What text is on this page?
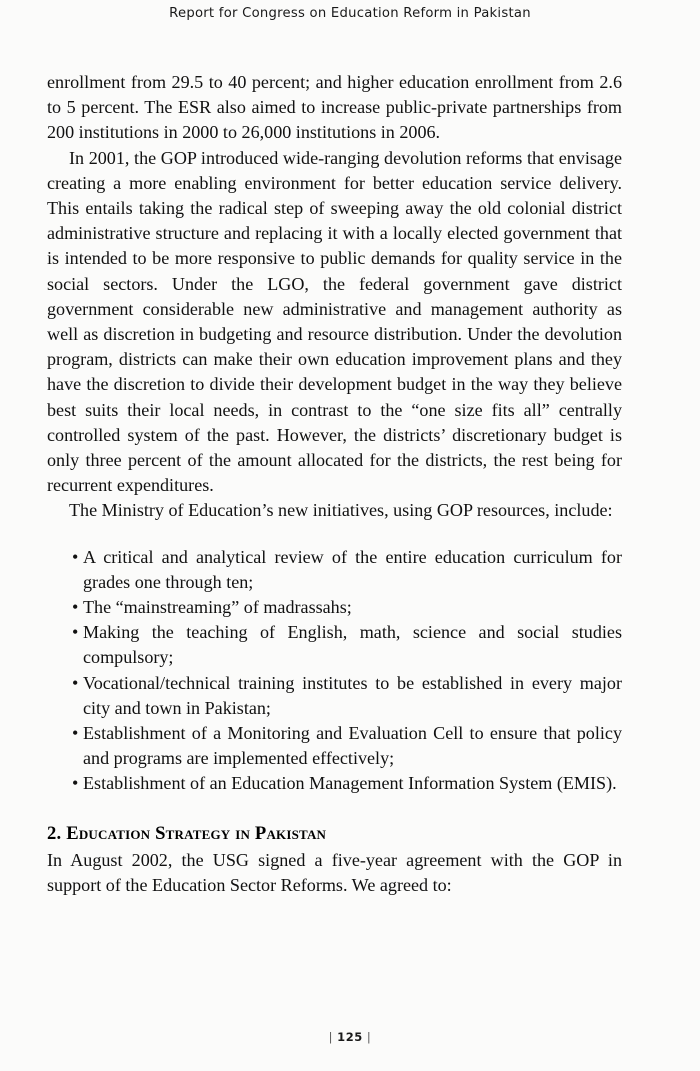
Report for Congress on Education Reform in Pakistan

enrollment from 29.5 to 40 percent; and higher education enrollment from 2.6 to 5 percent. The ESR also aimed to increase public-private partnerships from 200 institutions in 2000 to 26,000 institutions in 2006.

In 2001, the GOP introduced wide-ranging devolution reforms that envisage creating a more enabling environment for better education service delivery. This entails taking the radical step of sweeping away the old colonial district administrative structure and replacing it with a locally elected government that is intended to be more responsive to public demands for quality service in the social sectors. Under the LGO, the federal government gave district government considerable new administrative and management authority as well as discretion in budgeting and resource distribution. Under the devolution program, districts can make their own education improvement plans and they have the discretion to divide their development budget in the way they believe best suits their local needs, in contrast to the “one size fits all” centrally controlled system of the past. However, the districts’ discretionary budget is only three percent of the amount allocated for the districts, the rest being for recurrent expenditures.

The Ministry of Education’s new initiatives, using GOP resources, include:

• A critical and analytical review of the entire education curriculum for grades one through ten;
• The “mainstreaming” of madrassahs;
• Making the teaching of English, math, science and social studies compulsory;
• Vocational/technical training institutes to be established in every major city and town in Pakistan;
• Establishment of a Monitoring and Evaluation Cell to ensure that policy and programs are implemented effectively;
• Establishment of an Education Management Information System (EMIS).
2. Education Strategy in Pakistan

In August 2002, the USG signed a five-year agreement with the GOP in support of the Education Sector Reforms. We agreed to:

| 125 |
